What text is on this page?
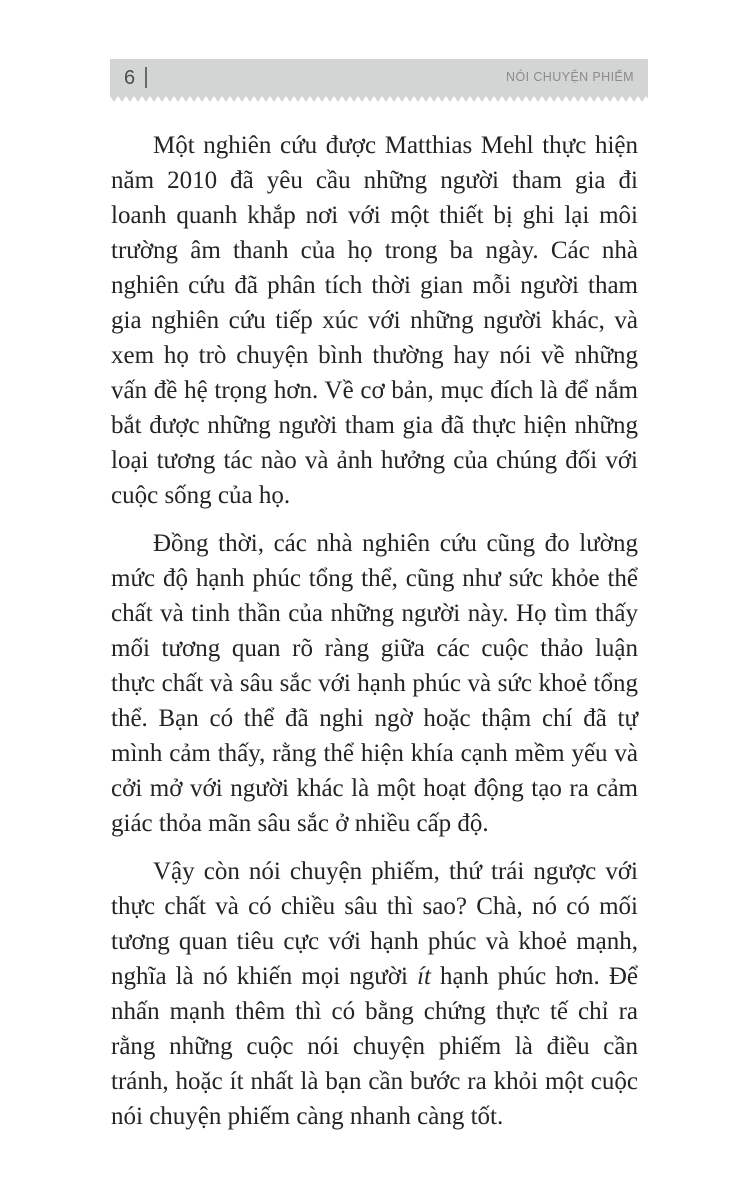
6	NÓI CHUYỆN PHIẾM

Một nghiên cứu được Matthias Mehl thực hiện năm 2010 đã yêu cầu những người tham gia đi loanh quanh khắp nơi với một thiết bị ghi lại môi trường âm thanh của họ trong ba ngày. Các nhà nghiên cứu đã phân tích thời gian mỗi người tham gia nghiên cứu tiếp xúc với những người khác, và xem họ trò chuyện bình thường hay nói về những vấn đề hệ trọng hơn. Về cơ bản, mục đích là để nắm bắt được những người tham gia đã thực hiện những loại tương tác nào và ảnh hưởng của chúng đối với cuộc sống của họ.

Đồng thời, các nhà nghiên cứu cũng đo lường mức độ hạnh phúc tổng thể, cũng như sức khỏe thể chất và tinh thần của những người này. Họ tìm thấy mối tương quan rõ ràng giữa các cuộc thảo luận thực chất và sâu sắc với hạnh phúc và sức khoẻ tổng thể. Bạn có thể đã nghi ngờ hoặc thậm chí đã tự mình cảm thấy, rằng thể hiện khía cạnh mềm yếu và cởi mở với người khác là một hoạt động tạo ra cảm giác thỏa mãn sâu sắc ở nhiều cấp độ.

Vậy còn nói chuyện phiếm, thứ trái ngược với thực chất và có chiều sâu thì sao? Chà, nó có mối tương quan tiêu cực với hạnh phúc và khoẻ mạnh, nghĩa là nó khiến mọi người ít hạnh phúc hơn. Để nhấn mạnh thêm thì có bằng chứng thực tế chỉ ra rằng những cuộc nói chuyện phiếm là điều cần tránh, hoặc ít nhất là bạn cần bước ra khỏi một cuộc nói chuyện phiếm càng nhanh càng tốt.
